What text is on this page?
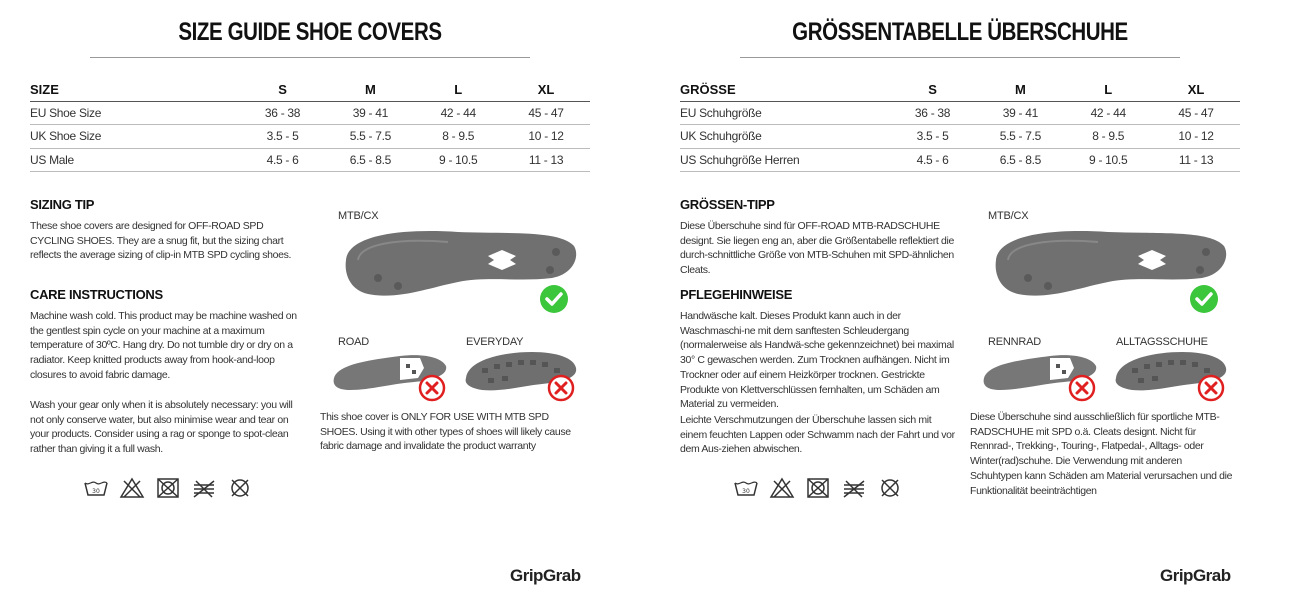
SIZE GUIDE SHOE COVERS
SIZE	S	M	L	XL
EU Shoe Size	36 - 38	39 - 41	42 - 44	45 - 47
UK Shoe Size	3.5 - 5	5.5 - 7.5	8 - 9.5	10 - 12
US Male	4.5 - 6	6.5 - 8.5	9 - 10.5	11 - 13
SIZING TIP
These shoe covers are designed for OFF-ROAD SPD CYCLING SHOES. They are a snug fit, but the sizing chart reflects the average sizing of clip-in MTB SPD cycling shoes.
CARE INSTRUCTIONS
Machine wash cold. This product may be machine washed on the gentlest spin cycle on your machine at a maximum temperature of 30ºC. Hang dry. Do not tumble dry or dry on a radiator. Keep knitted products away from hook-and-loop closures to avoid fabric damage.
Wash your gear only when it is absolutely necessary: you will not only conserve water, but also minimise wear and tear on your products. Consider using a rag or sponge to spot-clean rather than giving it a full wash.
MTB/CX
ROAD	EVERYDAY
This shoe cover is ONLY FOR USE WITH MTB SPD SHOES. Using it with other types of shoes will likely cause fabric damage and invalidate the product warranty
30
GripGrab
GRÖSSENTABELLE ÜBERSCHUHE
GRÖSSE	S	M	L	XL
EU Schuhgröße	36 - 38	39 - 41	42 - 44	45 - 47
UK Schuhgröße	3.5 - 5	5.5 - 7.5	8 - 9.5	10 - 12
US Schuhgröße Herren	4.5 - 6	6.5 - 8.5	9 - 10.5	11 - 13
GRÖSSEN-TIPP
Diese Überschuhe sind für OFF-ROAD MTB-RADSCHUHE designt. Sie liegen eng an, aber die Größentabelle reflektiert die durch-schnittliche Größe von MTB-Schuhen mit SPD-ähnlichen Cleats.
PFLEGEHINWEISE
Handwäsche kalt. Dieses Produkt kann auch in der Waschmaschi-ne mit dem sanftesten Schleudergang (normalerweise als Handwä-sche gekennzeichnet) bei maximal 30° C gewaschen werden. Zum Trocknen aufhängen. Nicht im Trockner oder auf einem Heizkörper trocknen. Gestrickte Produkte von Klettverschlüssen fernhalten, um Schäden am Material zu vermeiden.
Leichte Verschmutzungen der Überschuhe lassen sich mit einem feuchten Lappen oder Schwamm nach der Fahrt und vor dem Aus-ziehen abwischen.
MTB/CX
RENNRAD	ALLTAGSSCHUHE
Diese Überschuhe sind ausschließlich für sportliche MTB-RADSCHUHE mit SPD o.ä. Cleats designt. Nicht für Rennrad-, Trekking-, Touring-, Flatpedal-, Alltags- oder Winter(rad)schuhe. Die Verwendung mit anderen Schuhtypen kann Schäden am Material verursachen und die Funktionalität beeinträchtigen
30
GripGrab
